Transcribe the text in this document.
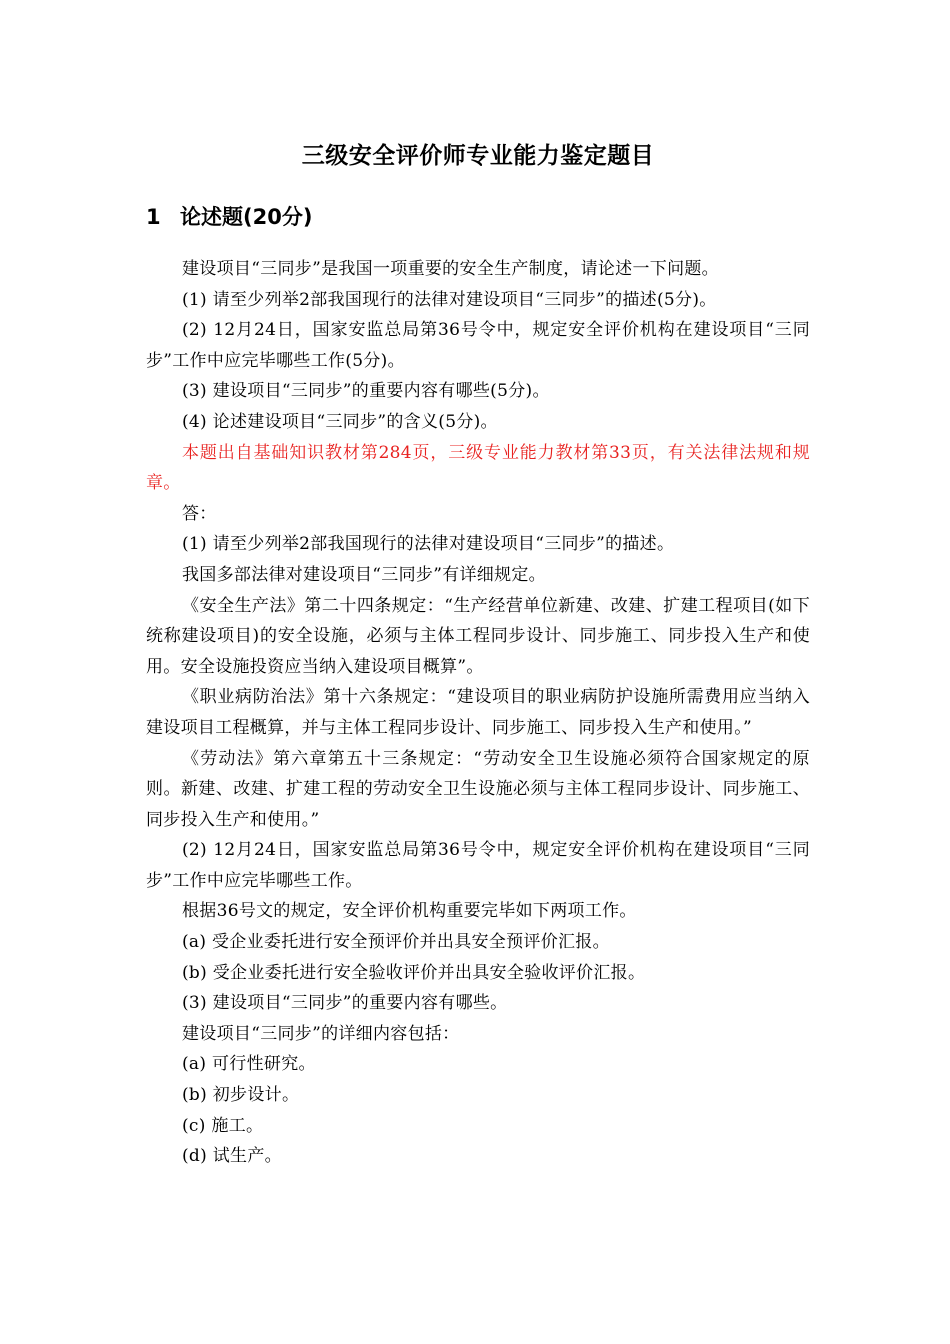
三级安全评价师专业能力鉴定题目
1 论述题(20分)

建设项目“三同步”是我国一项重要的安全生产制度，请论述一下问题。

(1) 请至少列举2部我国现行的法律对建设项目“三同步”的描述(5分)。

(2) 12月24日，国家安监总局第36号令中，规定安全评价机构在建设项目“三同步”工作中应完毕哪些工作(5分)。

(3) 建设项目“三同步”的重要内容有哪些(5分)。

(4) 论述建设项目“三同步”的含义(5分)。

本题出自基础知识教材第284页，三级专业能力教材第33页，有关法律法规和规章。

答：

(1) 请至少列举2部我国现行的法律对建设项目“三同步”的描述。

我国多部法律对建设项目“三同步”有详细规定。

《安全生产法》第二十四条规定：“生产经营单位新建、改建、扩建工程项目(如下统称建设项目)的安全设施，必须与主体工程同步设计、同步施工、同步投入生产和使用。安全设施投资应当纳入建设项目概算”。

《职业病防治法》第十六条规定：“建设项目的职业病防护设施所需费用应当纳入建设项目工程概算，并与主体工程同步设计、同步施工、同步投入生产和使用。”

《劳动法》第六章第五十三条规定：“劳动安全卫生设施必须符合国家规定的原则。新建、改建、扩建工程的劳动安全卫生设施必须与主体工程同步设计、同步施工、同步投入生产和使用。”

(2) 12月24日，国家安监总局第36号令中，规定安全评价机构在建设项目“三同步”工作中应完毕哪些工作。

根据36号文的规定，安全评价机构重要完毕如下两项工作。

(a) 受企业委托进行安全预评价并出具安全预评价汇报。

(b) 受企业委托进行安全验收评价并出具安全验收评价汇报。

(3) 建设项目“三同步”的重要内容有哪些。

建设项目“三同步”的详细内容包括：

(a) 可行性研究。

(b) 初步设计。

(c) 施工。

(d) 试生产。
